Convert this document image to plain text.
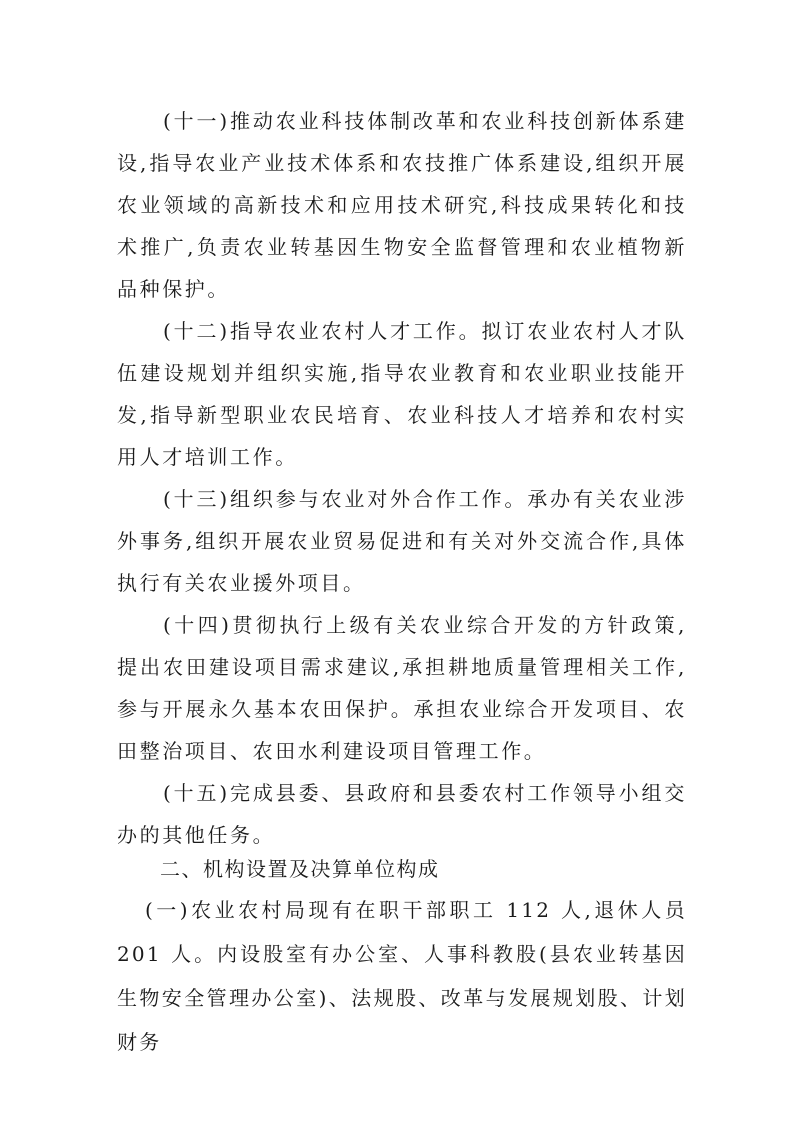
(十一)推动农业科技体制改革和农业科技创新体系建设,指导农业产业技术体系和农技推广体系建设,组织开展农业领域的高新技术和应用技术研究,科技成果转化和技术推广,负责农业转基因生物安全监督管理和农业植物新品种保护。

(十二)指导农业农村人才工作。拟订农业农村人才队伍建设规划并组织实施,指导农业教育和农业职业技能开发,指导新型职业农民培育、农业科技人才培养和农村实用人才培训工作。

(十三)组织参与农业对外合作工作。承办有关农业涉外事务,组织开展农业贸易促进和有关对外交流合作,具体执行有关农业援外项目。

(十四)贯彻执行上级有关农业综合开发的方针政策,提出农田建设项目需求建议,承担耕地质量管理相关工作,参与开展永久基本农田保护。承担农业综合开发项目、农田整治项目、农田水利建设项目管理工作。

(十五)完成县委、县政府和县委农村工作领导小组交办的其他任务。

二、机构设置及决算单位构成

(一)农业农村局现有在职干部职工 112 人,退休人员 201 人。内设股室有办公室、人事科教股(县农业转基因生物安全管理办公室)、法规股、改革与发展规划股、计划财务
